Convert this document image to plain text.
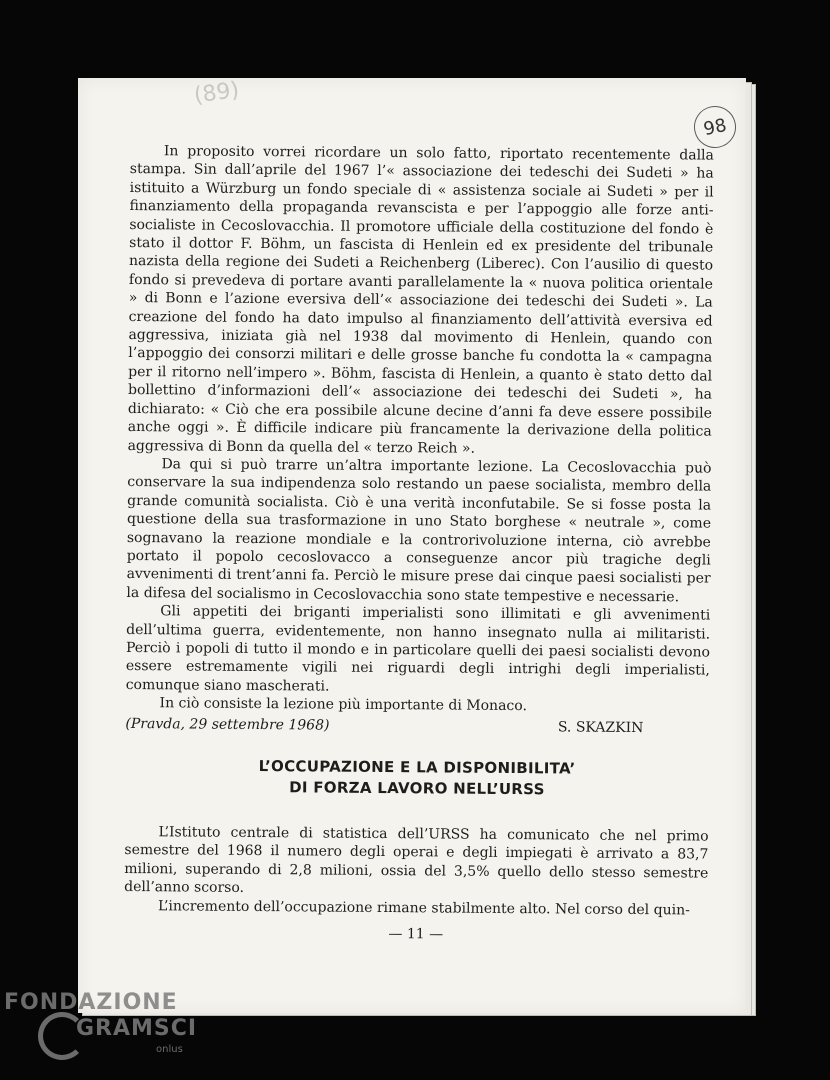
(89)
98

In proposito vorrei ricordare un solo fatto, riportato recentemente dalla stampa. Sin dall’aprile del 1967 l’« associazione dei tedeschi dei Sudeti » ha istituito a Würzburg un fondo speciale di « assistenza sociale ai Sudeti » per il finanziamento della propaganda revanscista e per l’appoggio alle forze anti-socialiste in Cecoslovacchia. Il promotore ufficiale della costituzione del fondo è stato il dottor F. Böhm, un fascista di Henlein ed ex presidente del tribunale nazista della regione dei Sudeti a Reichenberg (Liberec). Con l’ausilio di questo fondo si prevedeva di portare avanti parallelamente la « nuova politica orientale » di Bonn e l’azione eversiva dell’« associazione dei tedeschi dei Sudeti ». La creazione del fondo ha dato impulso al finanziamento dell’attività eversiva ed aggressiva, iniziata già nel 1938 dal movimento di Henlein, quando con l’appoggio dei consorzi militari e delle grosse banche fu condotta la « campagna per il ritorno nell’impero ». Böhm, fascista di Henlein, a quanto è stato detto dal bollettino d’informazioni dell’« associazione dei tedeschi dei Sudeti », ha dichiarato: « Ciò che era possibile alcune decine d’anni fa deve essere possibile anche oggi ». È difficile indicare più francamente la derivazione della politica aggressiva di Bonn da quella del « terzo Reich ».

Da qui si può trarre un’altra importante lezione. La Cecoslovacchia può conservare la sua indipendenza solo restando un paese socialista, membro della grande comunità socialista. Ciò è una verità inconfutabile. Se si fosse posta la questione della sua trasformazione in uno Stato borghese « neutrale », come sognavano la reazione mondiale e la controrivoluzione interna, ciò avrebbe portato il popolo cecoslovacco a conseguenze ancor più tragiche degli avvenimenti di trent’anni fa. Perciò le misure prese dai cinque paesi socialisti per la difesa del socialismo in Cecoslovacchia sono state tempestive e necessarie.

Gli appetiti dei briganti imperialisti sono illimitati e gli avvenimenti dell’ultima guerra, evidentemente, non hanno insegnato nulla ai militaristi. Perciò i popoli di tutto il mondo e in particolare quelli dei paesi socialisti devono essere estremamente vigili nei riguardi degli intrighi degli imperialisti, comunque siano mascherati.

In ciò consiste la lezione più importante di Monaco.

(Pravda, 29 settembre 1968)	S. SKAZKIN
L’OCCUPAZIONE E LA DISPONIBILITA’
DI FORZA LAVORO NELL’URSS

L’Istituto centrale di statistica dell’URSS ha comunicato che nel primo semestre del 1968 il numero degli operai e degli impiegati è arrivato a 83,7 milioni, superando di 2,8 milioni, ossia del 3,5% quello dello stesso semestre dell’anno scorso.

L’incremento dell’occupazione rimane stabilmente alto. Nel corso del quin-

— 11 —
FONDAZIONE
GRAMSCI
onlus
